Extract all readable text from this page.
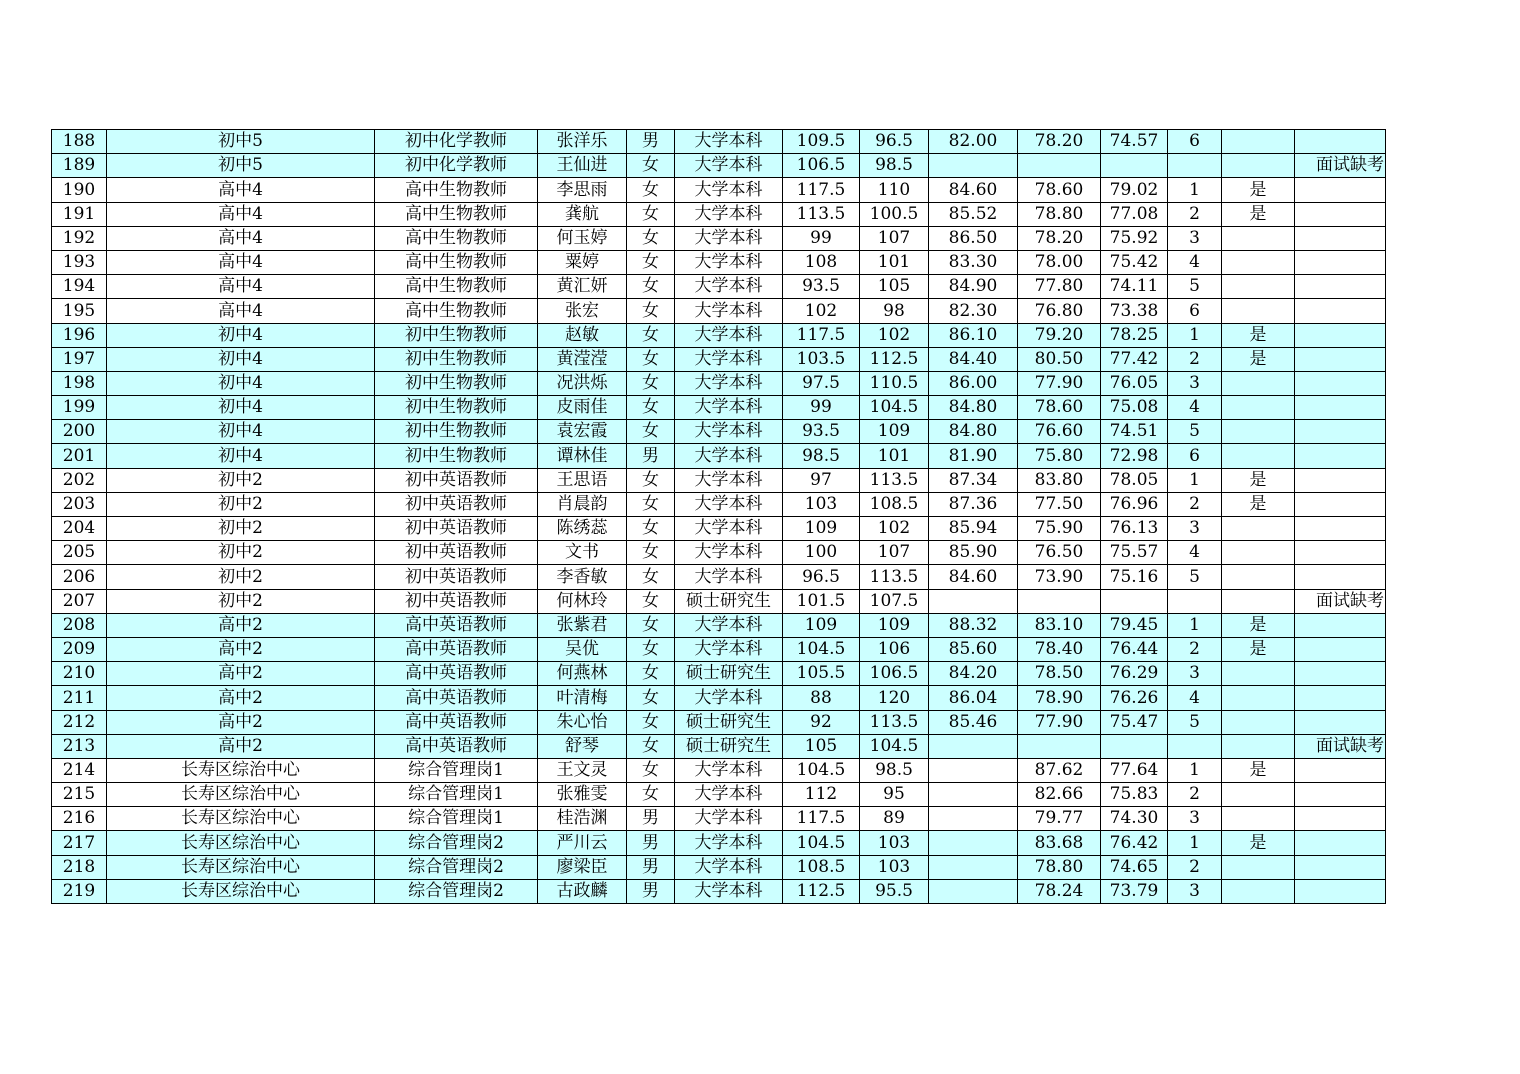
188	初中5	初中化学教师	张洋乐	男	大学本科	109.5	96.5	82.00	78.20	74.57	6		
189	初中5	初中化学教师	王仙进	女	大学本科	106.5	98.5						面试缺考
190	高中4	高中生物教师	李思雨	女	大学本科	117.5	110	84.60	78.60	79.02	1	是	
191	高中4	高中生物教师	龚航	女	大学本科	113.5	100.5	85.52	78.80	77.08	2	是	
192	高中4	高中生物教师	何玉婷	女	大学本科	99	107	86.50	78.20	75.92	3		
193	高中4	高中生物教师	粟婷	女	大学本科	108	101	83.30	78.00	75.42	4		
194	高中4	高中生物教师	黄汇妍	女	大学本科	93.5	105	84.90	77.80	74.11	5		
195	高中4	高中生物教师	张宏	女	大学本科	102	98	82.30	76.80	73.38	6		
196	初中4	初中生物教师	赵敏	女	大学本科	117.5	102	86.10	79.20	78.25	1	是	
197	初中4	初中生物教师	黄滢滢	女	大学本科	103.5	112.5	84.40	80.50	77.42	2	是	
198	初中4	初中生物教师	况洪烁	女	大学本科	97.5	110.5	86.00	77.90	76.05	3		
199	初中4	初中生物教师	皮雨佳	女	大学本科	99	104.5	84.80	78.60	75.08	4		
200	初中4	初中生物教师	袁宏霞	女	大学本科	93.5	109	84.80	76.60	74.51	5		
201	初中4	初中生物教师	谭林佳	男	大学本科	98.5	101	81.90	75.80	72.98	6		
202	初中2	初中英语教师	王思语	女	大学本科	97	113.5	87.34	83.80	78.05	1	是	
203	初中2	初中英语教师	肖晨韵	女	大学本科	103	108.5	87.36	77.50	76.96	2	是	
204	初中2	初中英语教师	陈绣蕊	女	大学本科	109	102	85.94	75.90	76.13	3		
205	初中2	初中英语教师	文书	女	大学本科	100	107	85.90	76.50	75.57	4		
206	初中2	初中英语教师	李香敏	女	大学本科	96.5	113.5	84.60	73.90	75.16	5		
207	初中2	初中英语教师	何林玲	女	硕士研究生	101.5	107.5						面试缺考
208	高中2	高中英语教师	张紫君	女	大学本科	109	109	88.32	83.10	79.45	1	是	
209	高中2	高中英语教师	吴优	女	大学本科	104.5	106	85.60	78.40	76.44	2	是	
210	高中2	高中英语教师	何燕林	女	硕士研究生	105.5	106.5	84.20	78.50	76.29	3		
211	高中2	高中英语教师	叶清梅	女	大学本科	88	120	86.04	78.90	76.26	4		
212	高中2	高中英语教师	朱心怡	女	硕士研究生	92	113.5	85.46	77.90	75.47	5		
213	高中2	高中英语教师	舒琴	女	硕士研究生	105	104.5						面试缺考
214	长寿区综治中心	综合管理岗1	王文灵	女	大学本科	104.5	98.5		87.62	77.64	1	是	
215	长寿区综治中心	综合管理岗1	张雅雯	女	大学本科	112	95		82.66	75.83	2		
216	长寿区综治中心	综合管理岗1	桂浩渊	男	大学本科	117.5	89		79.77	74.30	3		
217	长寿区综治中心	综合管理岗2	严川云	男	大学本科	104.5	103		83.68	76.42	1	是	
218	长寿区综治中心	综合管理岗2	廖梁臣	男	大学本科	108.5	103		78.80	74.65	2		
219	长寿区综治中心	综合管理岗2	古政麟	男	大学本科	112.5	95.5		78.24	73.79	3		
